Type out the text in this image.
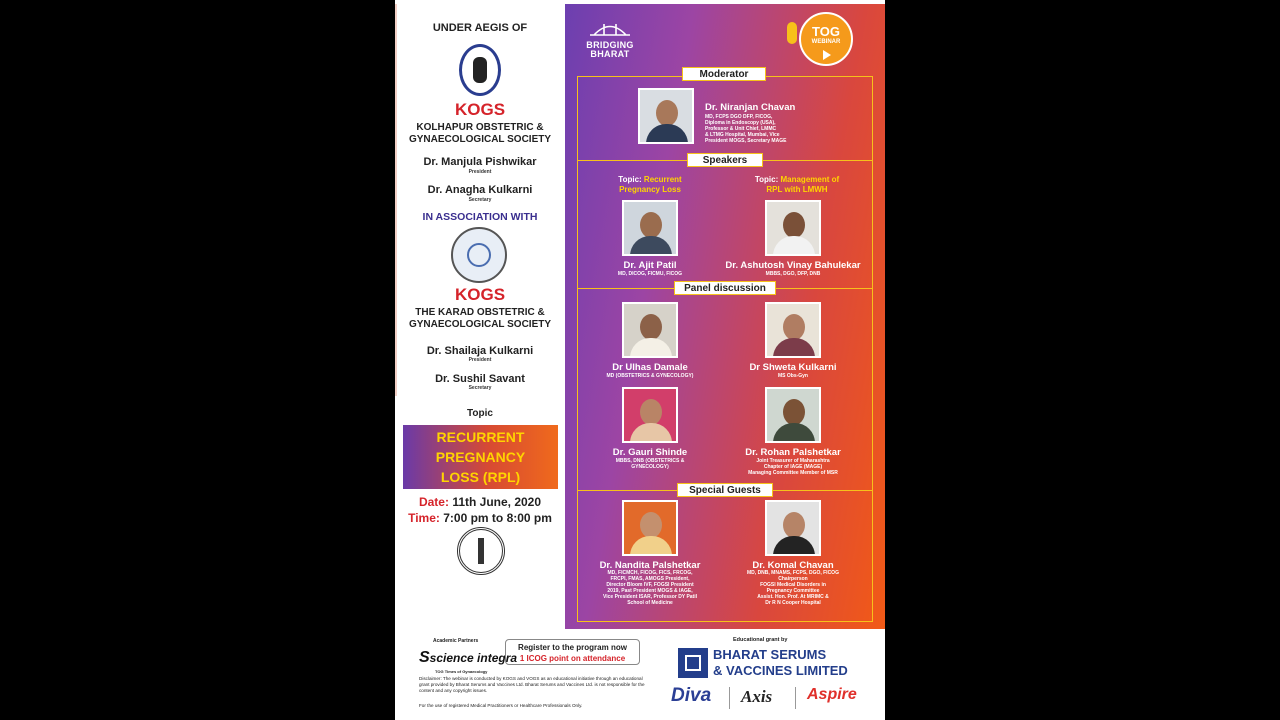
UNDER AEGIS OF
KOGS
KOLHAPUR OBSTETRIC &
GYNAECOLOGICAL SOCIETY
Dr. Manjula Pishwikar
President
Dr. Anagha Kulkarni
Secretary
IN ASSOCIATION WITH
KOGS
THE KARAD OBSTETRIC &
GYNAECOLOGICAL SOCIETY
Dr. Shailaja Kulkarni
President
Dr. Sushil Savant
Secretary
Topic
RECURRENT
PREGNANCY
LOSS (RPL)
Date: 11th June, 2020
Time: 7:00 pm to 8:00 pm
BRIDGING
BHARAT
TOG
WEBINAR
Moderator
Speakers
Panel discussion
Special Guests
Dr. Niranjan Chavan
MD, FCPS DGO DFP, FICOG,
Diploma in Endoscopy (USA),
Professor & Unit Chief, LMMC
& LTMG Hospital, Mumbai, Vice
President MOGS, Secretary MAGE
Topic: Recurrent
Pregnancy Loss
Topic: Management of
RPL with LMWH
Dr. Ajit Patil
MD, DICOG, FICMU, FICOG
Dr. Ashutosh Vinay Bahulekar
MBBS, DGO, DFP, DNB
Dr Ulhas Damale
MD (OBSTETRICS & GYNECOLOGY)
Dr Shweta Kulkarni
MS Obs-Gyn
Dr. Gauri Shinde
MBBS, DNB (OBSTETRICS &
GYNECOLOGY)
Dr. Rohan Palshetkar
Joint Treasurer of Maharashtra
Chapter of IAGE (MAGE)
Managing Committee Member of MSR
Dr. Nandita Palshetkar
MD, FICMCH, FICOG, FICS, FRCOG,
FRCPI, FMAS, AMOGS President,
Director Bloom IVF, FOGSI President
2019, Past President MOGS & IAGE,
Vice President ISAR, Professor DY Patil
School of Medicine
Dr. Komal Chavan
MD, DNB, MNAMS, FCPS, DGO, FICOG
Chairperson
FOGSI Medical Disorders in
Pregnancy Committee
Assist. Hon. Prof. At MRIMC &
Dr R N Cooper Hospital
Academic Partners
Sscience integra
TOG Times of Gynaecology
Register to the program now
1 ICOG point on attendance
Disclaimer: The webinar is conducted by KOGS and VOGS as an educational initiative through an educational grant provided by Bharat Serums and Vaccines Ltd. Bharat Serums and Vaccines Ltd. is not responsible for the content and any copyright issues.
For the use of registered Medical Practitioners or Healthcare Professionals Only.
Educational grant by
BHARAT SERUMS
& VACCINES LIMITED
Diva Axis Aspire
